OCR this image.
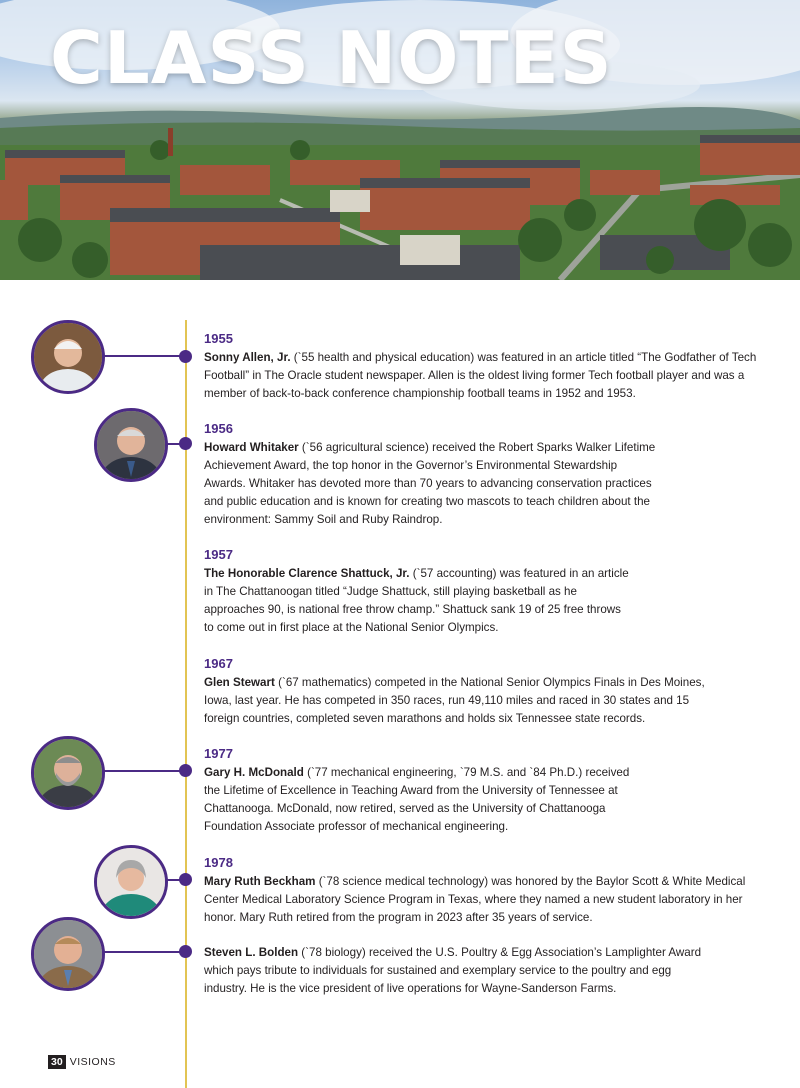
CLASS NOTES
1955

Sonny Allen, Jr. (`55 health and physical education) was featured in an article titled “The Godfather of Tech Football” in The Oracle student newspaper. Allen is the oldest living former Tech football player and was a member of back-to-back conference championship football teams in 1952 and 1953.

1956

Howard Whitaker (`56 agricultural science) received the Robert Sparks Walker Lifetime Achievement Award, the top honor in the Governor’s Environmental Stewardship Awards. Whitaker has devoted more than 70 years to advancing conservation practices and public education and is known for creating two mascots to teach children about the environment: Sammy Soil and Ruby Raindrop.

1957

The Honorable Clarence Shattuck, Jr. (`57 accounting) was featured in an article in The Chattanoogan titled “Judge Shattuck, still playing basketball as he approaches 90, is national free throw champ.” Shattuck sank 19 of 25 free throws to come out in first place at the National Senior Olympics.

1967

Glen Stewart (`67 mathematics) competed in the National Senior Olympics Finals in Des Moines, Iowa, last year. He has competed in 350 races, run 49,110 miles and raced in 30 states and 15 foreign countries, completed seven marathons and holds six Tennessee state records.

1977

Gary H. McDonald (`77 mechanical engineering, `79 M.S. and `84 Ph.D.) received the Lifetime of Excellence in Teaching Award from the University of Tennessee at Chattanooga. McDonald, now retired, served as the University of Chattanooga Foundation Associate professor of mechanical engineering.

1978

Mary Ruth Beckham (`78 science medical technology) was honored by the Baylor Scott & White Medical Center Medical Laboratory Science Program in Texas, where they named a new student laboratory in her honor. Mary Ruth retired from the program in 2023 after 35 years of service.

Steven L. Bolden (`78 biology) received the U.S. Poultry & Egg Association’s Lamplighter Award which pays tribute to individuals for sustained and exemplary service to the poultry and egg industry. He is the vice president of live operations for Wayne-Sanderson Farms.

30 VISIONS
